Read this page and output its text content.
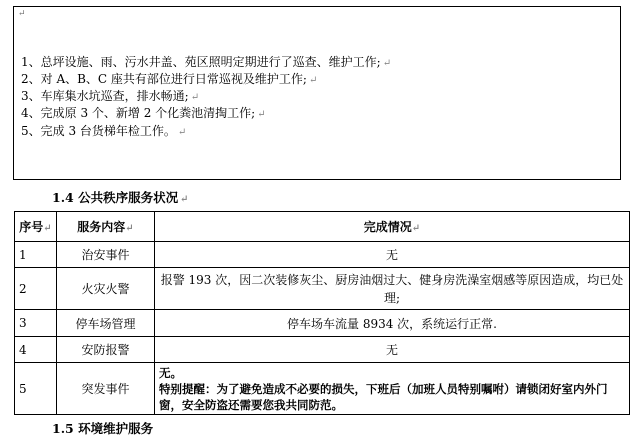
↵
1、总坪设施、雨、污水井盖、苑区照明定期进行了巡查、维护工作; ↵
2、对 A、B、C 座共有部位进行日常巡视及维护工作; ↵
3、车库集水坑巡查，排水畅通; ↵
4、完成原 3 个、新增 2 个化粪池清掏工作; ↵
5、完成 3 台货梯年检工作。 ↵
1.4 公共秩序服务状况 ↵
序号↵	服务内容↵	完成情况↵
1	治安事件	无
2	火灾火警	报警 193 次，因二次装修灰尘、厨房油烟过大、健身房洗澡室烟感等原因造成，均已处理;
3	停车场管理	停车场车流量 8934 次，系统运行正常.
4	安防报警	无
5	突发事件	无。
特别提醒：为了避免造成不必要的损失，下班后（加班人员特别嘱咐）请锁闭好室内外门窗，安全防盗还需要您我共同防范。
1.5 环境维护服务
